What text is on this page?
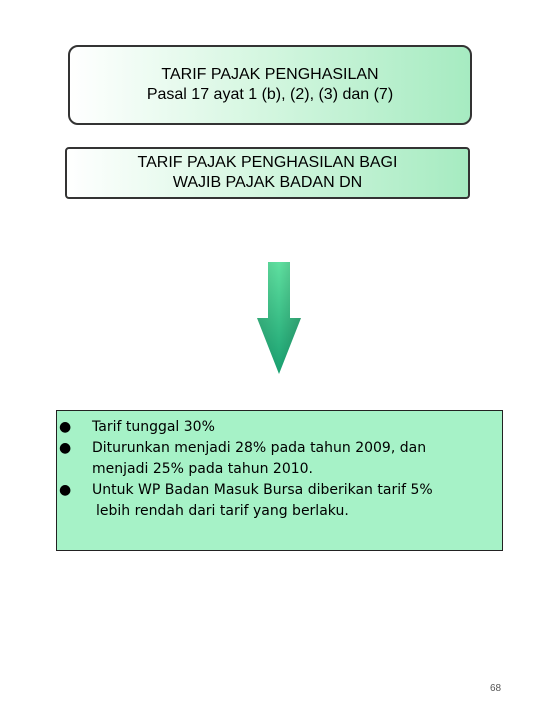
TARIF PAJAK PENGHASILAN
Pasal 17 ayat 1 (b), (2), (3) dan (7)
TARIF PAJAK PENGHASILAN BAGI
WAJIB PAJAK BADAN DN
● Tarif tunggal 30%
● Diturunkan menjadi 28% pada tahun 2009, dan
menjadi 25% pada tahun 2010.
● Untuk WP Badan Masuk Bursa diberikan tarif 5%
lebih rendah dari tarif yang berlaku.
68
